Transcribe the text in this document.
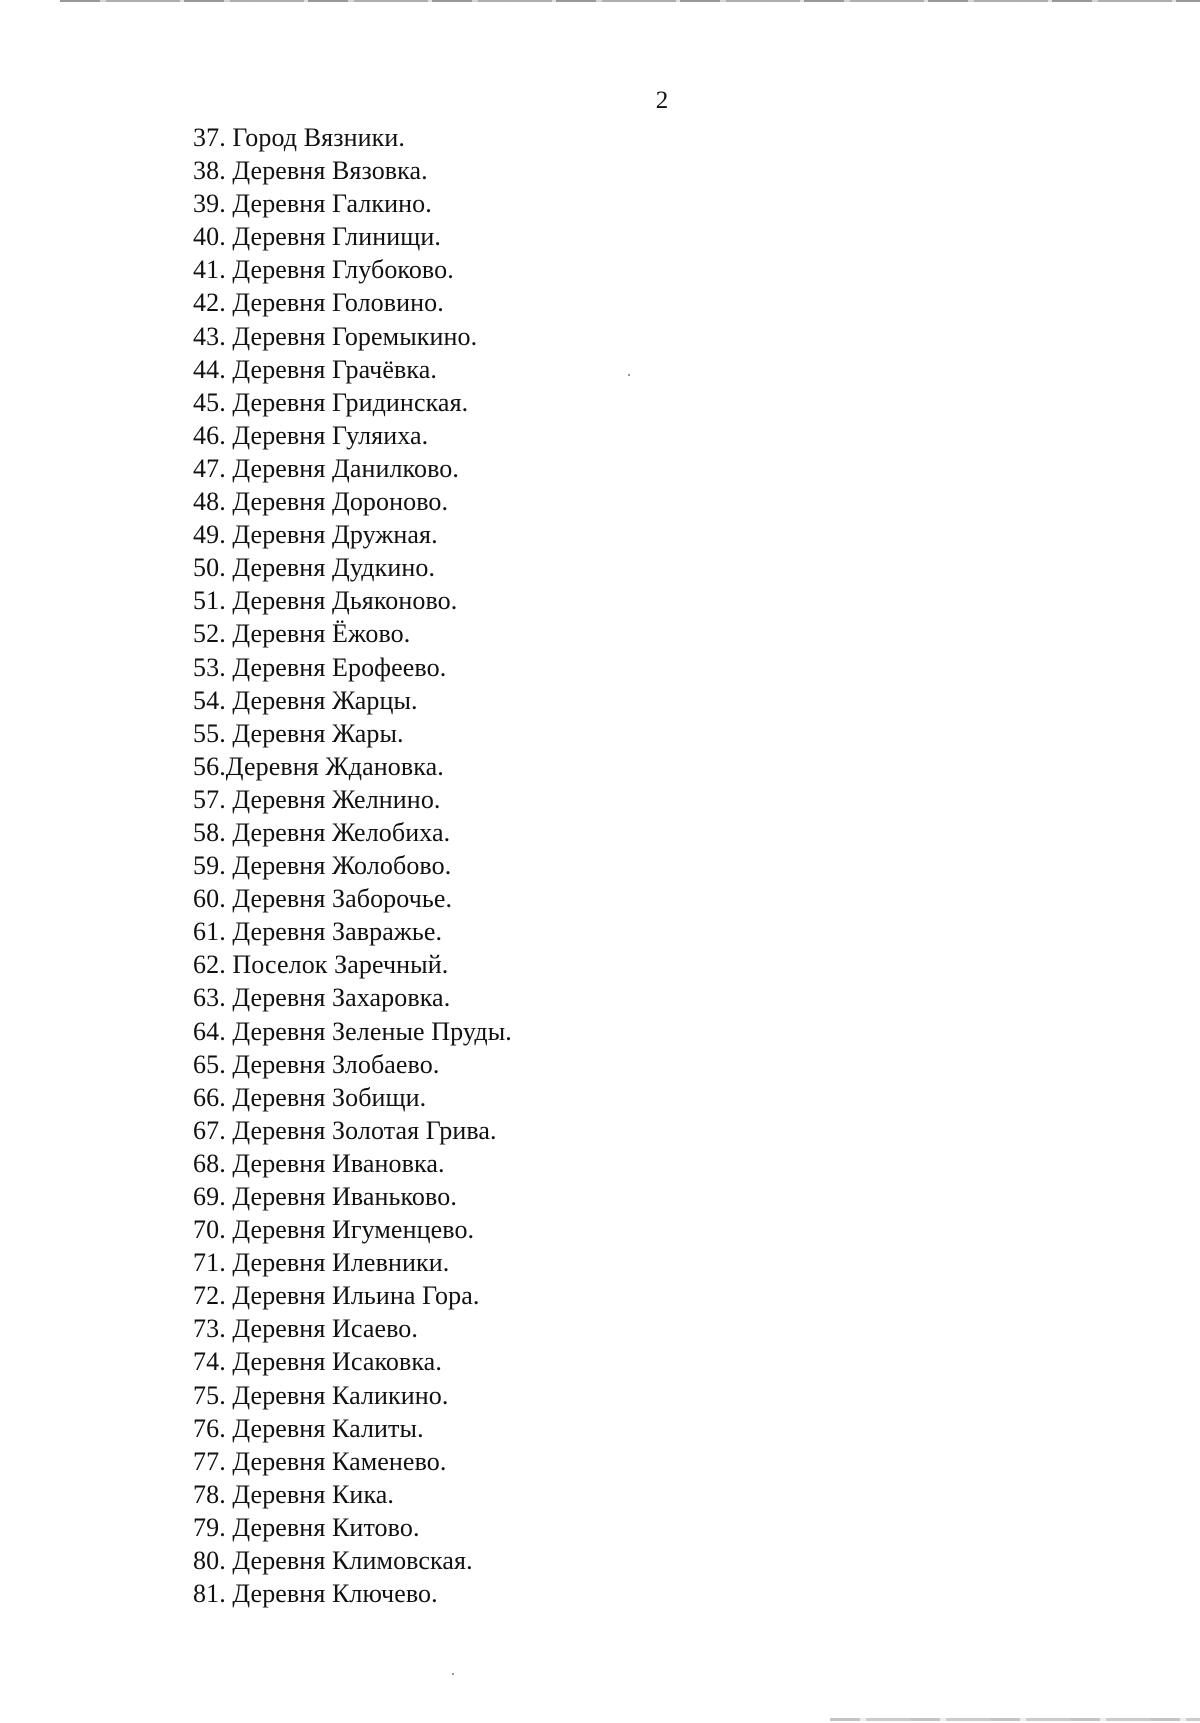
2
37. Город Вязники.
38. Деревня Вязовка.
39. Деревня Галкино.
40. Деревня Глинищи.
41. Деревня Глубоково.
42. Деревня Головино.
43. Деревня Горемыкино.
44. Деревня Грачёвка.
45. Деревня Гридинская.
46. Деревня Гуляиха.
47. Деревня Данилково.
48. Деревня Дороново.
49. Деревня Дружная.
50. Деревня Дудкино.
51. Деревня Дьяконово.
52. Деревня Ёжово.
53. Деревня Ерофеево.
54. Деревня Жарцы.
55. Деревня Жары.
56.Деревня Ждановка.
57. Деревня Желнино.
58. Деревня Желобиха.
59. Деревня Жолобово.
60. Деревня Заборочье.
61. Деревня Завражье.
62. Поселок Заречный.
63. Деревня Захаровка.
64. Деревня Зеленые Пруды.
65. Деревня Злобаево.
66. Деревня Зобищи.
67. Деревня Золотая Грива.
68. Деревня Ивановка.
69. Деревня Иваньково.
70. Деревня Игуменцево.
71. Деревня Илевники.
72. Деревня Ильина Гора.
73. Деревня Исаево.
74. Деревня Исаковка.
75. Деревня Каликино.
76. Деревня Калиты.
77. Деревня Каменево.
78. Деревня Кика.
79. Деревня Китово.
80. Деревня Климовская.
81. Деревня Ключево.
